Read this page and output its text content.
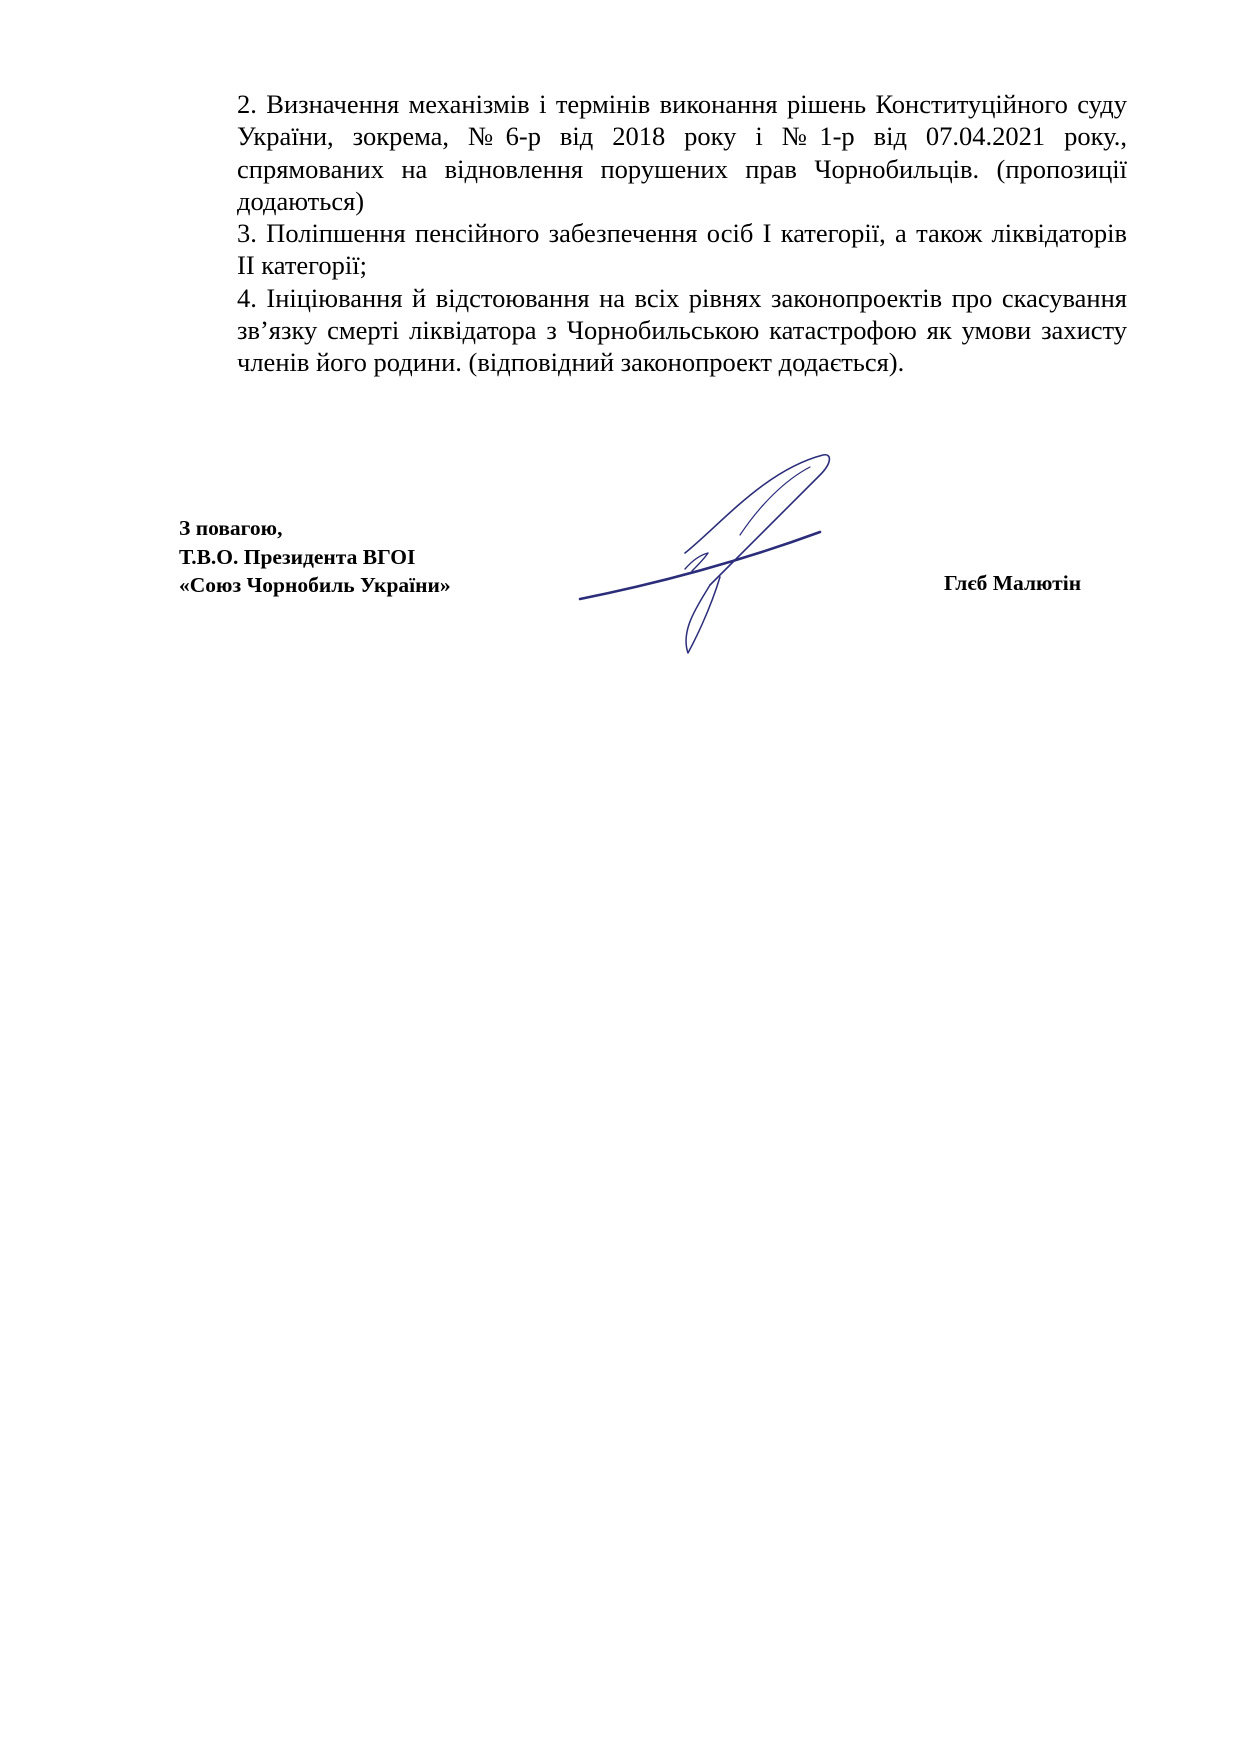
2. Визначення механізмів і термінів виконання рішень Конституційного суду України, зокрема, №6-р від 2018 року і №1-р від 07.04.2021 року., спрямованих на відновлення порушених прав Чорнобильців. (пропозиції додаються)

3. Поліпшення пенсійного забезпечення осіб І категорії, а також ліквідаторів ІІ категорії;

4. Ініціювання й відстоювання на всіх рівнях законопроектів про скасування зв’язку смерті ліквідатора з Чорнобильською катастрофою як умови захисту членів його родини. (відповідний законопроект додається).

З повагою,
Т.В.О. Президента ВГОІ
«Союз Чорнобиль України»	Глєб Малютін
